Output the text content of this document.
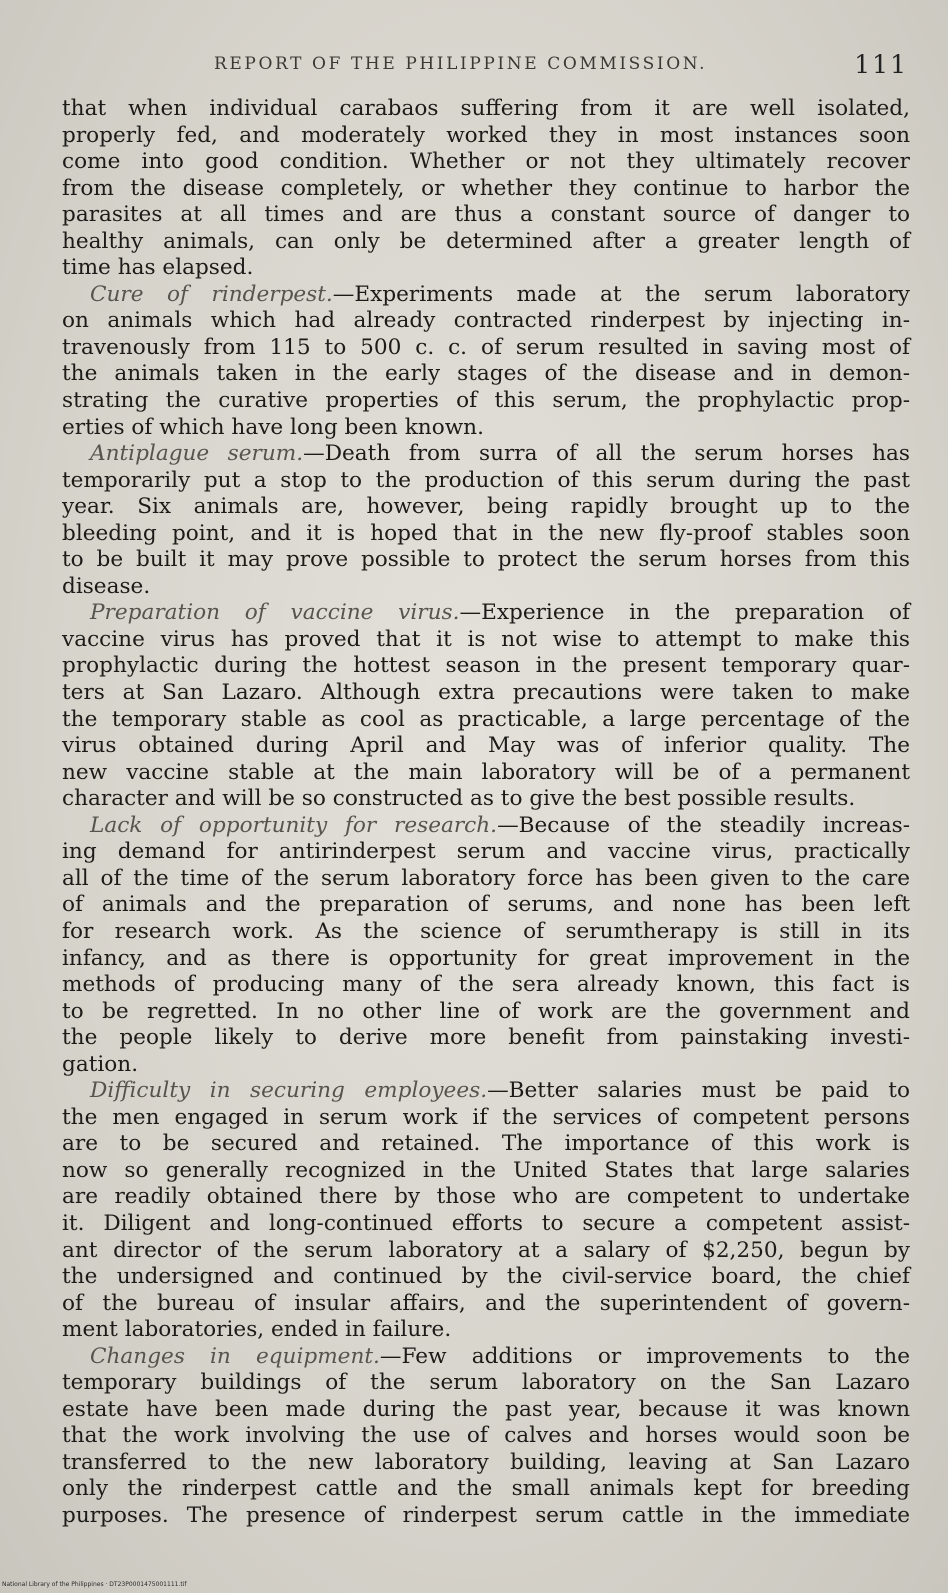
REPORT OF THE PHILIPPINE COMMISSION.	111
that when individual carabaos suffering from it are well isolated,
properly fed, and moderately worked they in most instances soon
come into good condition. Whether or not they ultimately recover
from the disease completely, or whether they continue to harbor the
parasites at all times and are thus a constant source of danger to
healthy animals, can only be determined after a greater length of
time has elapsed.
Cure of rinderpest.—Experiments made at the serum laboratory
on animals which had already contracted rinderpest by injecting in-
travenously from 115 to 500 c. c. of serum resulted in saving most of
the animals taken in the early stages of the disease and in demon-
strating the curative properties of this serum, the prophylactic prop-
erties of which have long been known.
Antiplague serum.—Death from surra of all the serum horses has
temporarily put a stop to the production of this serum during the past
year. Six animals are, however, being rapidly brought up to the
bleeding point, and it is hoped that in the new fly-proof stables soon
to be built it may prove possible to protect the serum horses from this
disease.
Preparation of vaccine virus.—Experience in the preparation of
vaccine virus has proved that it is not wise to attempt to make this
prophylactic during the hottest season in the present temporary quar-
ters at San Lazaro. Although extra precautions were taken to make
the temporary stable as cool as practicable, a large percentage of the
virus obtained during April and May was of inferior quality. The
new vaccine stable at the main laboratory will be of a permanent
character and will be so constructed as to give the best possible results.
Lack of opportunity for research.—Because of the steadily increas-
ing demand for antirinderpest serum and vaccine virus, practically
all of the time of the serum laboratory force has been given to the care
of animals and the preparation of serums, and none has been left
for research work. As the science of serumtherapy is still in its
infancy, and as there is opportunity for great improvement in the
methods of producing many of the sera already known, this fact is
to be regretted. In no other line of work are the government and
the people likely to derive more benefit from painstaking investi-
gation.
Difficulty in securing employees.—Better salaries must be paid to
the men engaged in serum work if the services of competent persons
are to be secured and retained. The importance of this work is
now so generally recognized in the United States that large salaries
are readily obtained there by those who are competent to undertake
it. Diligent and long-continued efforts to secure a competent assist-
ant director of the serum laboratory at a salary of $2,250, begun by
the undersigned and continued by the civil-service board, the chief
of the bureau of insular affairs, and the superintendent of govern-
ment laboratories, ended in failure.
Changes in equipment.—Few additions or improvements to the
temporary buildings of the serum laboratory on the San Lazaro
estate have been made during the past year, because it was known
that the work involving the use of calves and horses would soon be
transferred to the new laboratory building, leaving at San Lazaro
only the rinderpest cattle and the small animals kept for breeding
purposes. The presence of rinderpest serum cattle in the immediate
National Library of the Philippines · DT23P0001475001111.tif
